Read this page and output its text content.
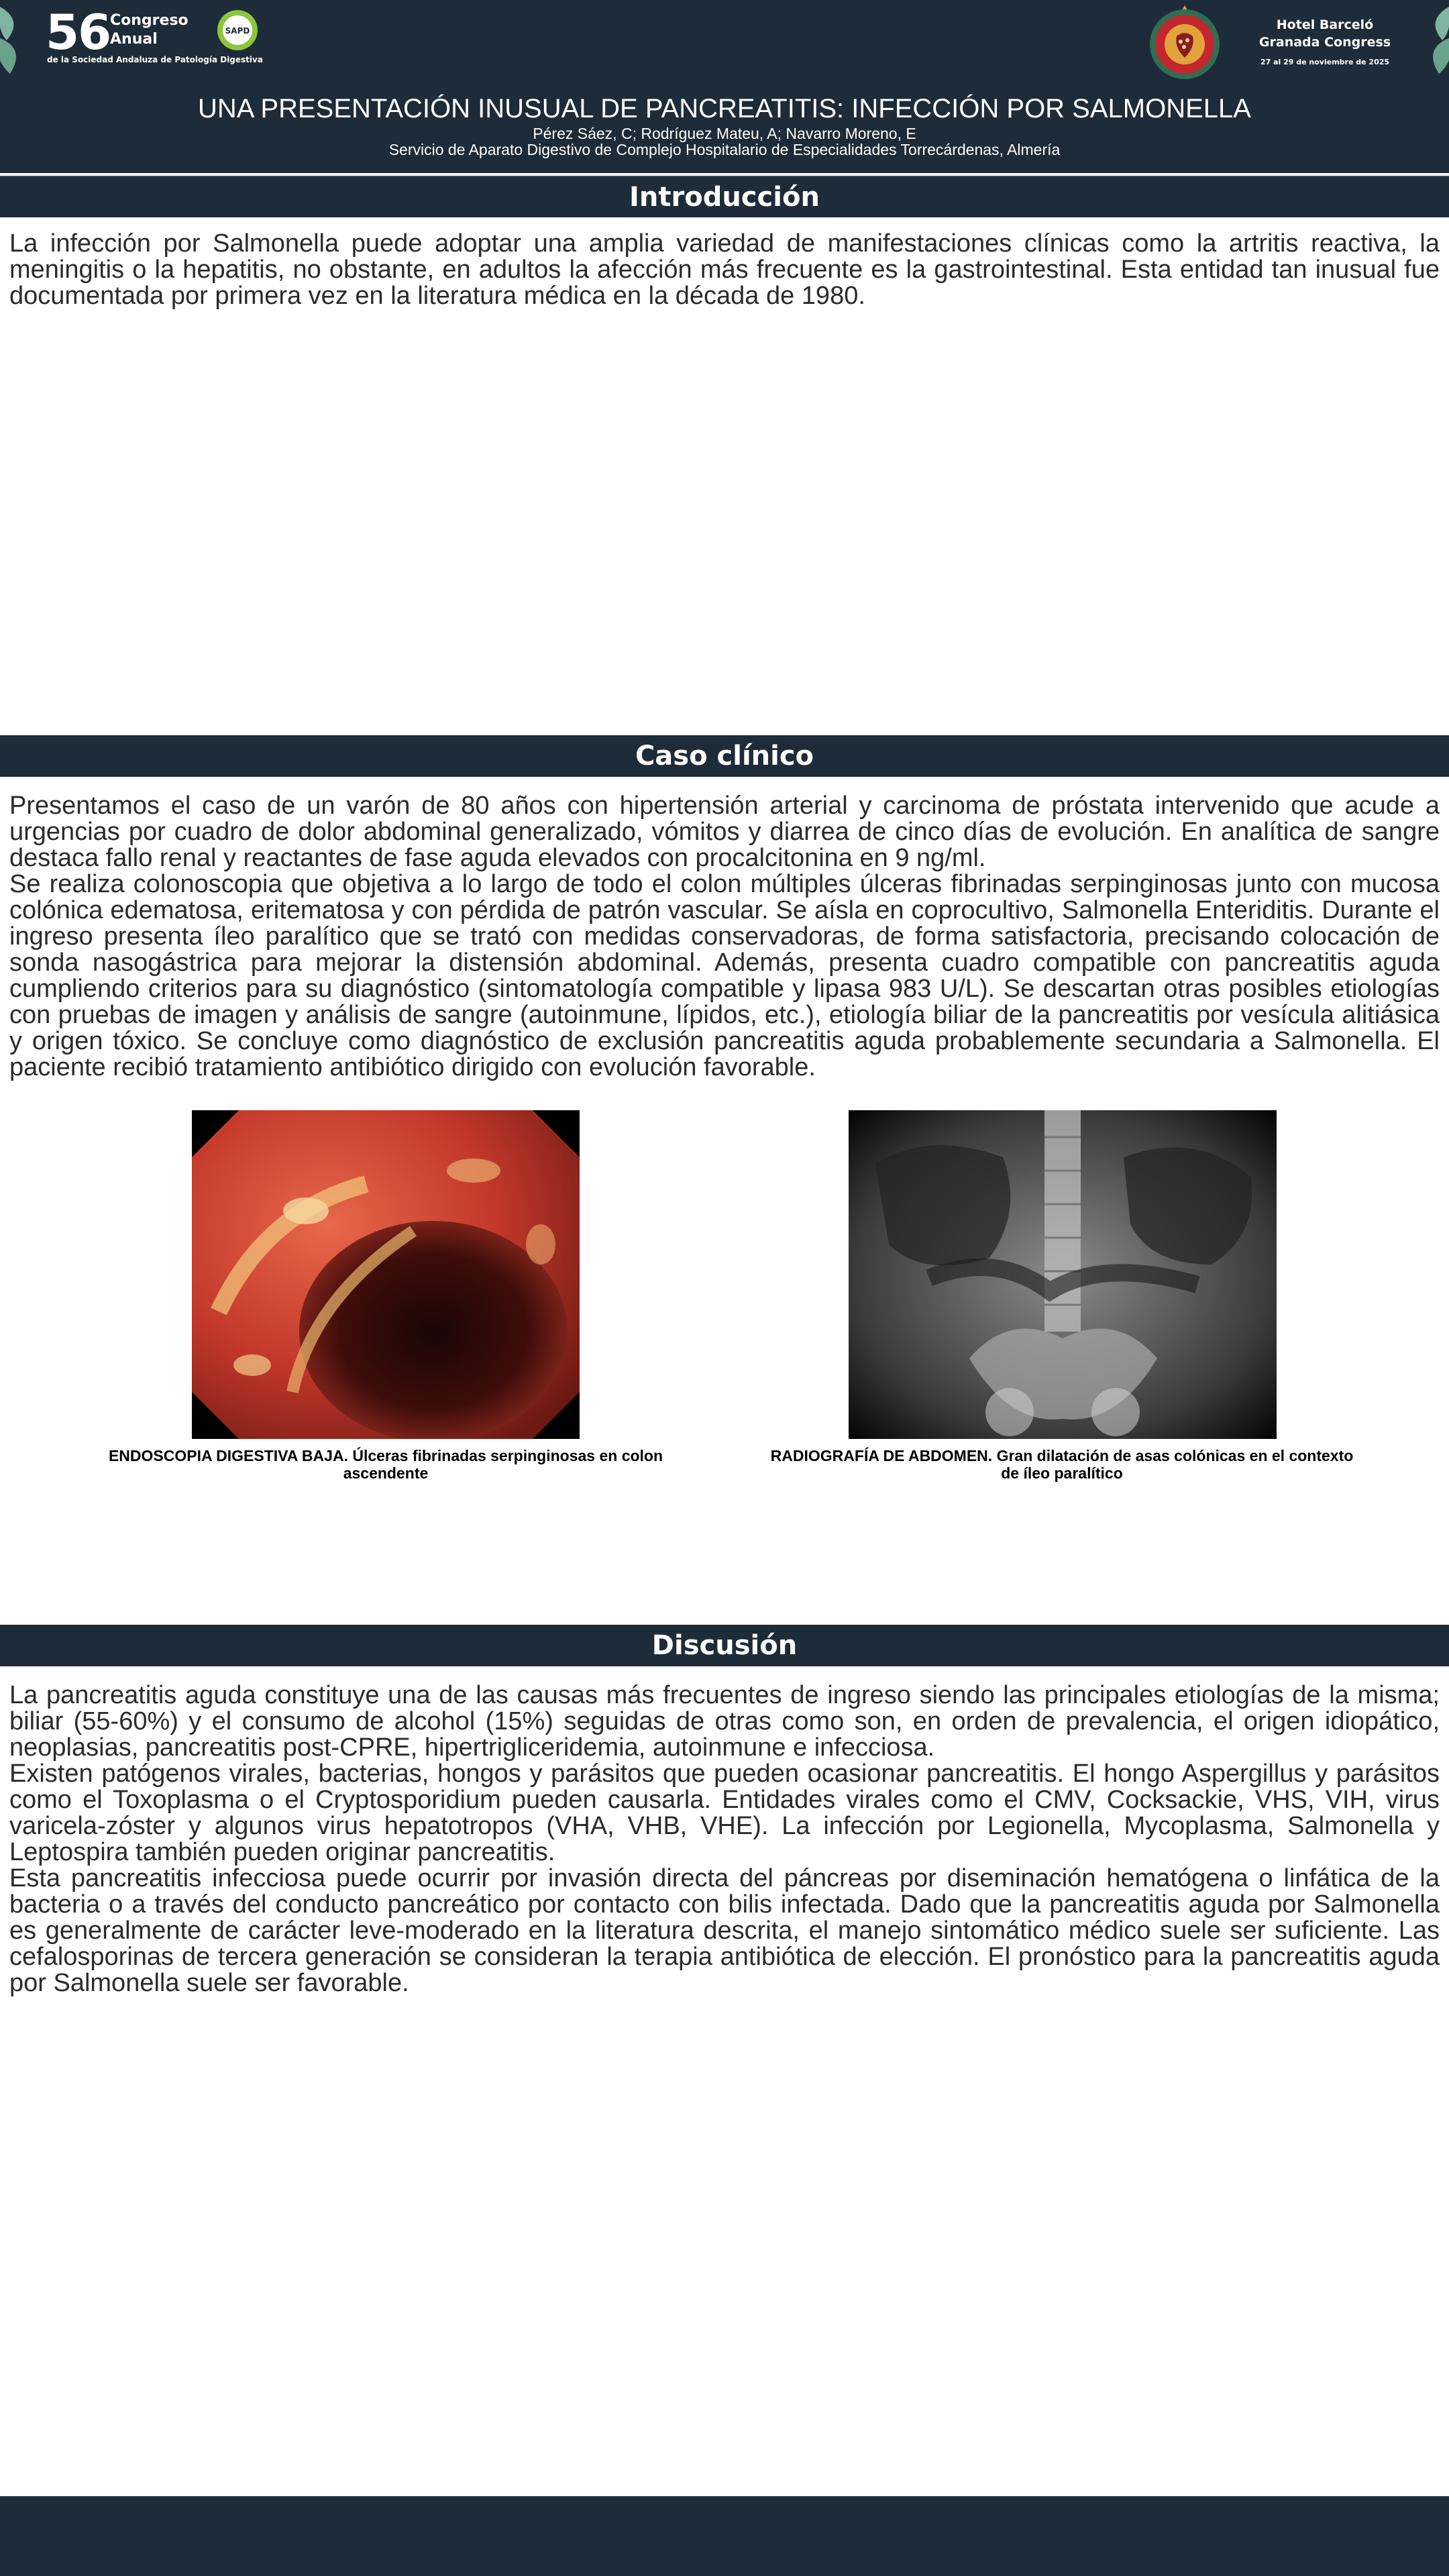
56 Congreso
Anual
de la Sociedad Andaluza de Patología Digestiva
SAPD	Hotel Barceló
Granada Congress
27 al 29 de noviembre de 2025
UNA PRESENTACIÓN INUSUAL DE PANCREATITIS: INFECCIÓN POR SALMONELLA
Pérez Sáez, C; Rodríguez Mateu, A; Navarro Moreno, E
Servicio de Aparato Digestivo de Complejo Hospitalario de Especialidades Torrecárdenas, Almería
Introducción

La infección por Salmonella puede adoptar una amplia variedad de manifestaciones clínicas como la artritis reactiva, la meningitis o la hepatitis, no obstante, en adultos la afección más frecuente es la gastrointestinal. Esta entidad tan inusual fue documentada por primera vez en la literatura médica en la década de 1980.

Caso clínico

Presentamos el caso de un varón de 80 años con hipertensión arterial y carcinoma de próstata intervenido que acude a urgencias por cuadro de dolor abdominal generalizado, vómitos y diarrea de cinco días de evolución. En analítica de sangre destaca fallo renal y reactantes de fase aguda elevados con procalcitonina en 9 ng/ml.

Se realiza colonoscopia que objetiva a lo largo de todo el colon múltiples úlceras fibrinadas serpinginosas junto con mucosa colónica edematosa, eritematosa y con pérdida de patrón vascular. Se aísla en coprocultivo, Salmonella Enteriditis. Durante el ingreso presenta íleo paralítico que se trató con medidas conservadoras, de forma satisfactoria, precisando colocación de sonda nasogástrica para mejorar la distensión abdominal. Además, presenta cuadro compatible con pancreatitis aguda cumpliendo criterios para su diagnóstico (sintomatología compatible y lipasa 983 U/L). Se descartan otras posibles etiologías con pruebas de imagen y análisis de sangre (autoinmune, lípidos, etc.), etiología biliar de la pancreatitis por vesícula alitiásica y origen tóxico. Se concluye como diagnóstico de exclusión pancreatitis aguda probablemente secundaria a Salmonella. El paciente recibió tratamiento antibiótico dirigido con evolución favorable.

ENDOSCOPIA DIGESTIVA BAJA. Úlceras fibrinadas serpinginosas en colon ascendente
RADIOGRAFÍA DE ABDOMEN. Gran dilatación de asas colónicas en el contexto de íleo paralítico
Discusión

La pancreatitis aguda constituye una de las causas más frecuentes de ingreso siendo las principales etiologías de la misma; biliar (55-60%) y el consumo de alcohol (15%) seguidas de otras como son, en orden de prevalencia, el origen idiopático, neoplasias, pancreatitis post-CPRE, hipertrigliceridemia, autoinmune e infecciosa.

Existen patógenos virales, bacterias, hongos y parásitos que pueden ocasionar pancreatitis. El hongo Aspergillus y parásitos como el Toxoplasma o el Cryptosporidium pueden causarla. Entidades virales como el CMV, Cocksackie, VHS, VIH, virus varicela-zóster y algunos virus hepatotropos (VHA, VHB, VHE). La infección por Legionella, Mycoplasma, Salmonella y Leptospira también pueden originar pancreatitis.

Esta pancreatitis infecciosa puede ocurrir por invasión directa del páncreas por diseminación hematógena o linfática de la bacteria o a través del conducto pancreático por contacto con bilis infectada. Dado que la pancreatitis aguda por Salmonella es generalmente de carácter leve-moderado en la literatura descrita, el manejo sintomático médico suele ser suficiente. Las cefalosporinas de tercera generación se consideran la terapia antibiótica de elección. El pronóstico para la pancreatitis aguda por Salmonella suele ser favorable.
